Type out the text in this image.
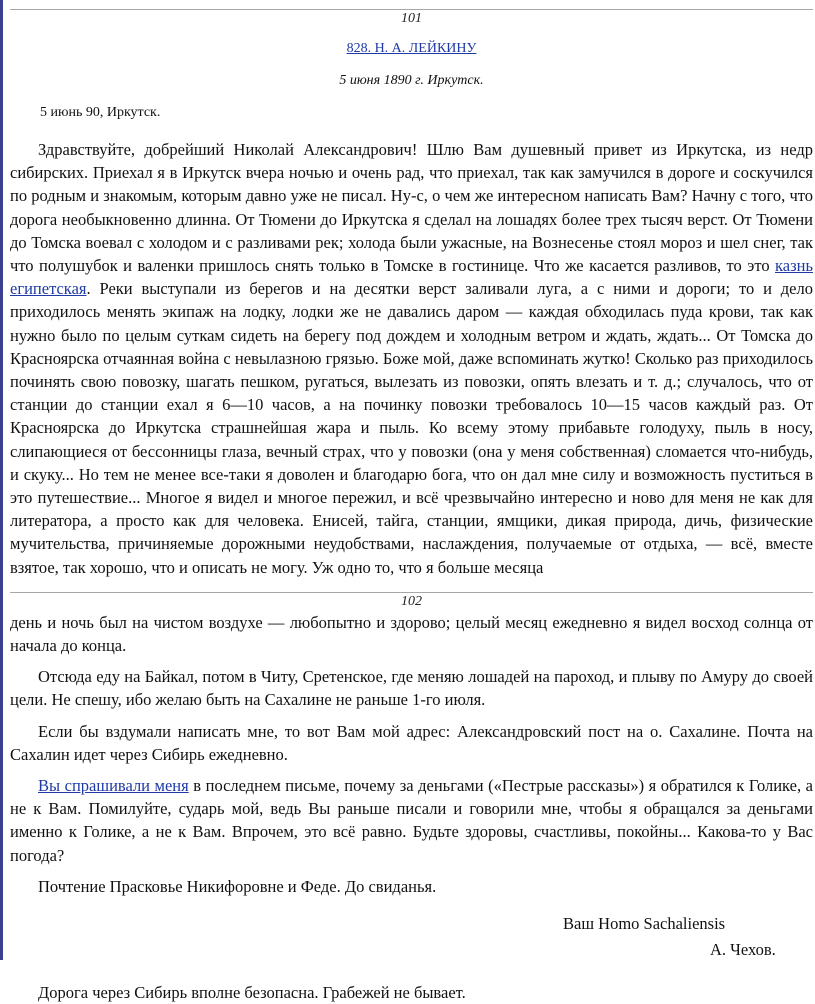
101
828. Н. А. ЛЕЙКИНУ
5 июня 1890 г. Иркутск.
5 июнь 90, Иркутск.

Здравствуйте, добрейший Николай Александрович! Шлю Вам душевный привет из Иркутска, из недр сибирских. Приехал я в Иркутск вчера ночью и очень рад, что приехал, так как замучился в дороге и соскучился по родным и знакомым, которым давно уже не писал. Ну-с, о чем же интересном написать Вам? Начну с того, что дорога необыкновенно длинна. От Тюмени до Иркутска я сделал на лошадях более трех тысяч верст. От Тюмени до Томска воевал с холодом и с разливами рек; холода были ужасные, на Вознесенье стоял мороз и шел снег, так что полушубок и валенки пришлось снять только в Томске в гостинице. Что же касается разливов, то это казнь египетская. Реки выступали из берегов и на десятки верст заливали луга, а с ними и дороги; то и дело приходилось менять экипаж на лодку, лодки же не давались даром — каждая обходилась пуда крови, так как нужно было по целым суткам сидеть на берегу под дождем и холодным ветром и ждать, ждать... От Томска до Красноярска отчаянная война с невылазною грязью. Боже мой, даже вспоминать жутко! Сколько раз приходилось починять свою повозку, шагать пешком, ругаться, вылезать из повозки, опять влезать и т. д.; случалось, что от станции до станции ехал я 6—10 часов, а на починку повозки требовалось 10—15 часов каждый раз. От Красноярска до Иркутска страшнейшая жара и пыль. Ко всему этому прибавьте голодуху, пыль в носу, слипающиеся от бессонницы глаза, вечный страх, что у повозки (она у меня собственная) сломается что-нибудь, и скуку... Но тем не менее все-таки я доволен и благодарю бога, что он дал мне силу и возможность пуститься в это путешествие... Многое я видел и многое пережил, и всё чрезвычайно интересно и ново для меня не как для литератора, а просто как для человека. Енисей, тайга, станции, ямщики, дикая природа, дичь, физические мучительства, причиняемые дорожными неудобствами, наслаждения, получаемые от отдыха, — всё, вместе взятое, так хорошо, что и описать не могу. Уж одно то, что я больше месяца

102

день и ночь был на чистом воздухе — любопытно и здорово; целый месяц ежедневно я видел восход солнца от начала до конца.

Отсюда еду на Байкал, потом в Читу, Сретенское, где меняю лошадей на пароход, и плыву по Амуру до своей цели. Не спешу, ибо желаю быть на Сахалине не раньше 1-го июля.

Если бы вздумали написать мне, то вот Вам мой адрес: Александровский пост на о. Сахалине. Почта на Сахалин идет через Сибирь ежедневно.

Вы спрашивали меня в последнем письме, почему за деньгами («Пестрые рассказы») я обратился к Голике, а не к Вам. Помилуйте, сударь мой, ведь Вы раньше писали и говорили мне, чтобы я обращался за деньгами именно к Голике, а не к Вам. Впрочем, это всё равно. Будьте здоровы, счастливы, покойны... Какова-то у Вас погода?

Почтение Прасковье Никифоровне и Феде. До свиданья.

Ваш Homo Sachaliensis
А. Чехов.
Дорога через Сибирь вполне безопасна. Грабежей не бывает.
